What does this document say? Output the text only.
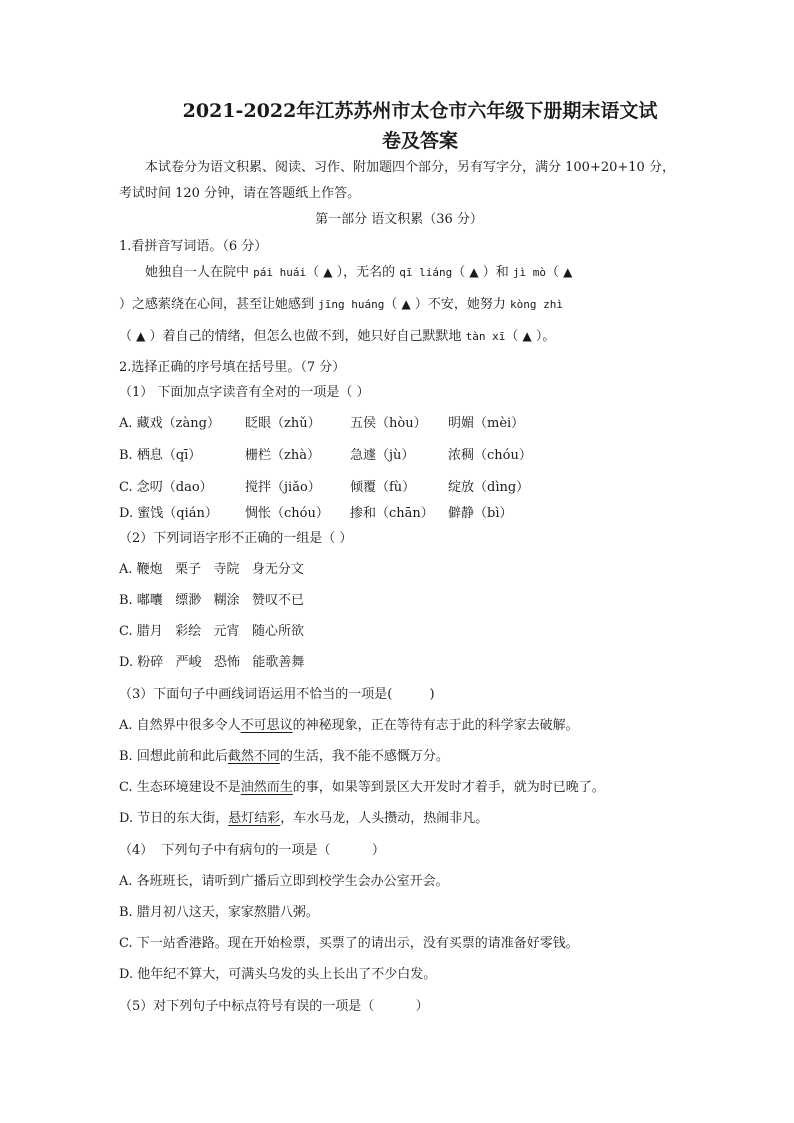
2021-2022年江苏苏州市太仓市六年级下册期末语文试
卷及答案
本试卷分为语文积累、阅读、习作、附加题四个部分，另有写字分，满分 100+20+10 分，
考试时间 120 分钟，请在答题纸上作答。
第一部分 语文积累（36 分）
1.看拼音写词语。（6 分）
她独自一人在院中 pái huái（ ▲ ），无名的 qī liáng（ ▲ ）和 jì mò（ ▲
）之感萦绕在心间，甚至让她感到 jīng huáng（ ▲ ）不安，她努力 kòng zhì
（ ▲ ）着自己的情绪，但怎么也做不到，她只好自己默默地 tàn xī（ ▲ ）。
2.选择正确的序号填在括号里。（7 分）
（1） 下面加点字读音有全对的一项是（ ）
A. 藏戏（zàng） 眨眼（zhǔ） 五侯（hòu） 明媚（mèi）
B. 栖息（qī）	栅栏（zhà） 急遽（jù）	浓稠（chóu）
C. 念叨（dao） 搅拌（jiǎo） 倾覆（fù）	绽放（dìng）
D. 蜜饯（qián） 惆怅（chóu） 掺和（chān） 僻静（bì）
（2）下列词语字形不正确的一组是（ ）
A. 鞭炮   栗子   寺院   身无分文
B. 嘟囔   缥渺   糊涂   赞叹不已
C. 腊月   彩绘   元宵   随心所欲
D. 粉碎   严峻   恐怖   能歌善舞
（3）下面句子中画线词语运用不恰当的一项是(         )
A. 自然界中很多令人不可思议的神秘现象，正在等待有志于此的科学家去破解。
B. 回想此前和此后截然不同的生活，我不能不感慨万分。
C. 生态环境建设不是油然而生的事，如果等到景区大开发时才着手，就为时已晚了。
D. 节日的东大街，悬灯结彩，车水马龙，人头攒动，热闹非凡。
（4）  下列句子中有病句的一项是（          ）
A. 各班班长，请听到广播后立即到校学生会办公室开会。
B. 腊月初八这天，家家熬腊八粥。
C. 下一站香港路。现在开始检票，买票了的请出示，没有买票的请准备好零钱。
D. 他年纪不算大，可满头乌发的头上长出了不少白发。
（5）对下列句子中标点符号有误的一项是（          ）
